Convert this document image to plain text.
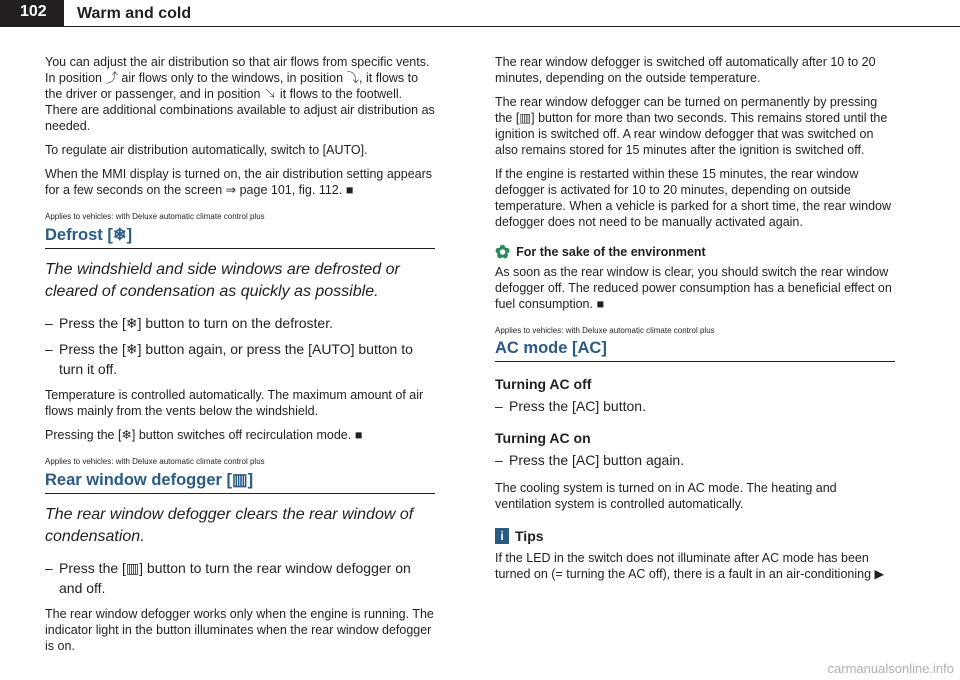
102 Warm and cold

You can adjust the air distribution so that air flows from specific vents. In position ⤴ air flows only to the windows, in position ⤵, it flows to the driver or passenger, and in position ↘ it flows to the footwell. There are additional combinations available to adjust air distribution as needed.

To regulate air distribution automatically, switch to [AUTO].

When the MMI display is turned on, the air distribution setting appears for a few seconds on the screen ⇒ page 101, fig. 112. ■

Applies to vehicles: with Deluxe automatic climate control plus
Defrost [❄]
The windshield and side windows are defrosted or cleared of condensation as quickly as possible.
– Press the [❄] button to turn on the defroster.
– Press the [❄] button again, or press the [AUTO] button to turn it off.

Temperature is controlled automatically. The maximum amount of air flows mainly from the vents below the windshield.

Pressing the [❄] button switches off recirculation mode. ■

Applies to vehicles: with Deluxe automatic climate control plus
Rear window defogger [▥]
The rear window defogger clears the rear window of condensation.
– Press the [▥] button to turn the rear window defogger on and off.

The rear window defogger works only when the engine is running. The indicator light in the button illuminates when the rear window defogger is on.

The rear window defogger is switched off automatically after 10 to 20 minutes, depending on the outside temperature.

The rear window defogger can be turned on permanently by pressing the [▥] button for more than two seconds. This remains stored until the ignition is switched off. A rear window defogger that was switched on also remains stored for 15 minutes after the ignition is switched off.

If the engine is restarted within these 15 minutes, the rear window defogger is activated for 10 to 20 minutes, depending on outside temperature. When a vehicle is parked for a short time, the rear window defogger does not need to be manually activated again.

✿ For the sake of the environment

As soon as the rear window is clear, you should switch the rear window defogger off. The reduced power consumption has a beneficial effect on fuel consumption. ■

Applies to vehicles: with Deluxe automatic climate control plus
AC mode [AC]
Turning AC off
– Press the [AC] button.
Turning AC on
– Press the [AC] button again.

The cooling system is turned on in AC mode. The heating and ventilation system is controlled automatically.

i Tips

If the LED in the switch does not illuminate after AC mode has been turned on (= turning the AC off), there is a fault in an air-conditioning ▶

carmanualsonline.info
